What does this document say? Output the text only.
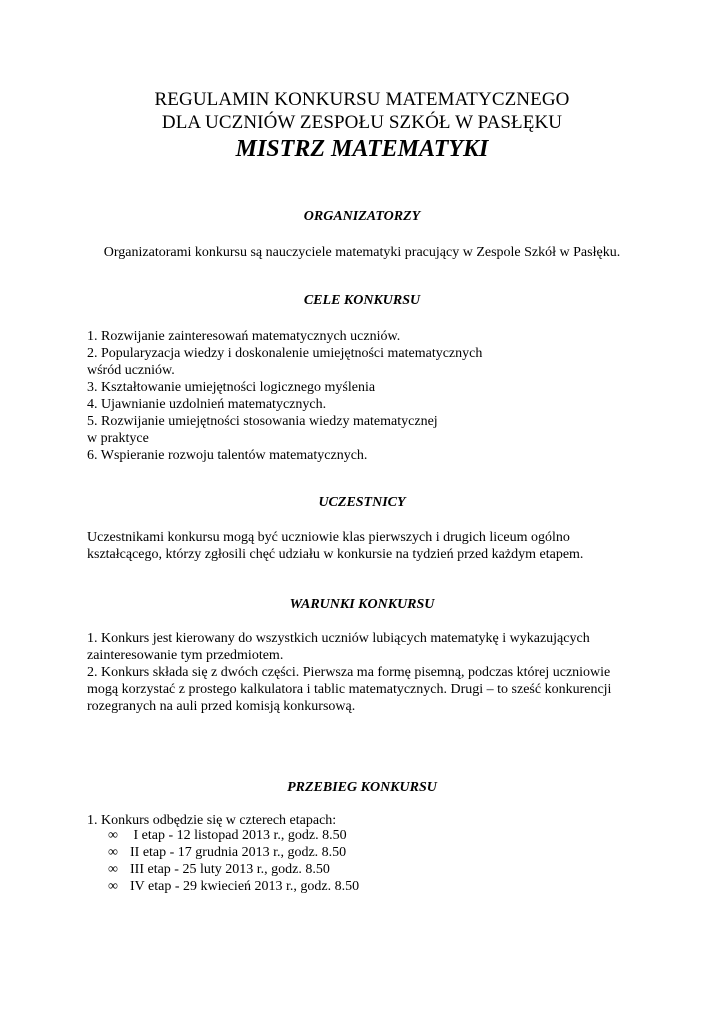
REGULAMIN KONKURSU MATEMATYCZNEGO
DLA UCZNIÓW ZESPOŁU SZKÓŁ W PASŁĘKU
MISTRZ MATEMATYKI
ORGANIZATORZY
Organizatorami konkursu są nauczyciele matematyki pracujący w Zespole Szkół w Pasłęku.
CELE KONKURSU
1. Rozwijanie zainteresowań matematycznych uczniów.
2. Popularyzacja wiedzy i doskonalenie umiejętności matematycznych
wśród uczniów.
3. Kształtowanie umiejętności logicznego myślenia
4. Ujawnianie uzdolnień matematycznych.
5. Rozwijanie umiejętności stosowania wiedzy matematycznej
w praktyce
6. Wspieranie rozwoju talentów matematycznych.
UCZESTNICY
Uczestnikami konkursu mogą być uczniowie klas pierwszych i drugich liceum ogólno
kształcącego, którzy zgłosili chęć udziału w konkursie na tydzień przed każdym etapem.
WARUNKI KONKURSU
1. Konkurs jest kierowany do wszystkich uczniów lubiących matematykę i wykazujących
zainteresowanie tym przedmiotem.
2. Konkurs składa się z dwóch części. Pierwsza ma formę pisemną, podczas której uczniowie
mogą korzystać z prostego kalkulatora i tablic matematycznych. Drugi – to sześć konkurencji
rozegranych na auli przed komisją konkursową.
PRZEBIEG KONKURSU
1. Konkurs odbędzie się w czterech etapach:
∞ I etap - 12 listopad 2013 r., godz. 8.50
∞ II etap - 17 grudnia 2013 r., godz. 8.50
∞ III etap - 25 luty 2013 r., godz. 8.50
∞ IV etap - 29 kwiecień 2013 r., godz. 8.50
